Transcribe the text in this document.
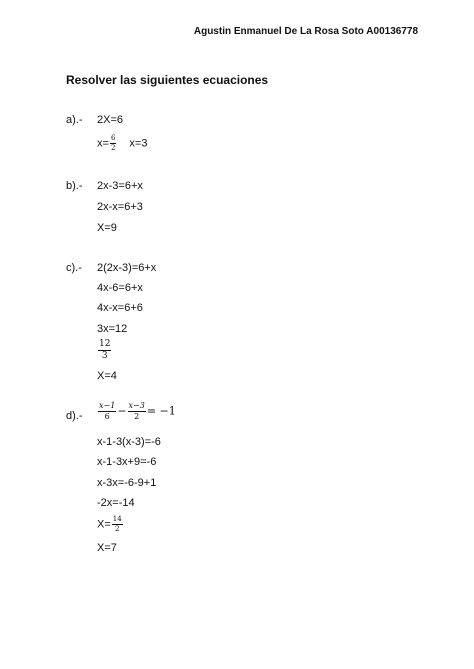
Agustin Enmanuel De La Rosa Soto A00136778
Resolver las siguientes ecuaciones
a).- 2X=6
$x= \frac{6}{2} x=3$
b).- 2x-3=6+x
2x-x=6+3
X=9
c).- 2(2x-3)=6+x
4x-6=6+x
4x-x=6+6
3x=12
$\frac{12}{3}$
X=4
$d).- \frac{x-1}{6} - \frac{x-3}{2} = -1$
x-1-3(x-3)=-6
x-1-3x+9=-6
x-3x=-6-9+1
-2x=-14
$X= \frac{14}{2}$
X=7
